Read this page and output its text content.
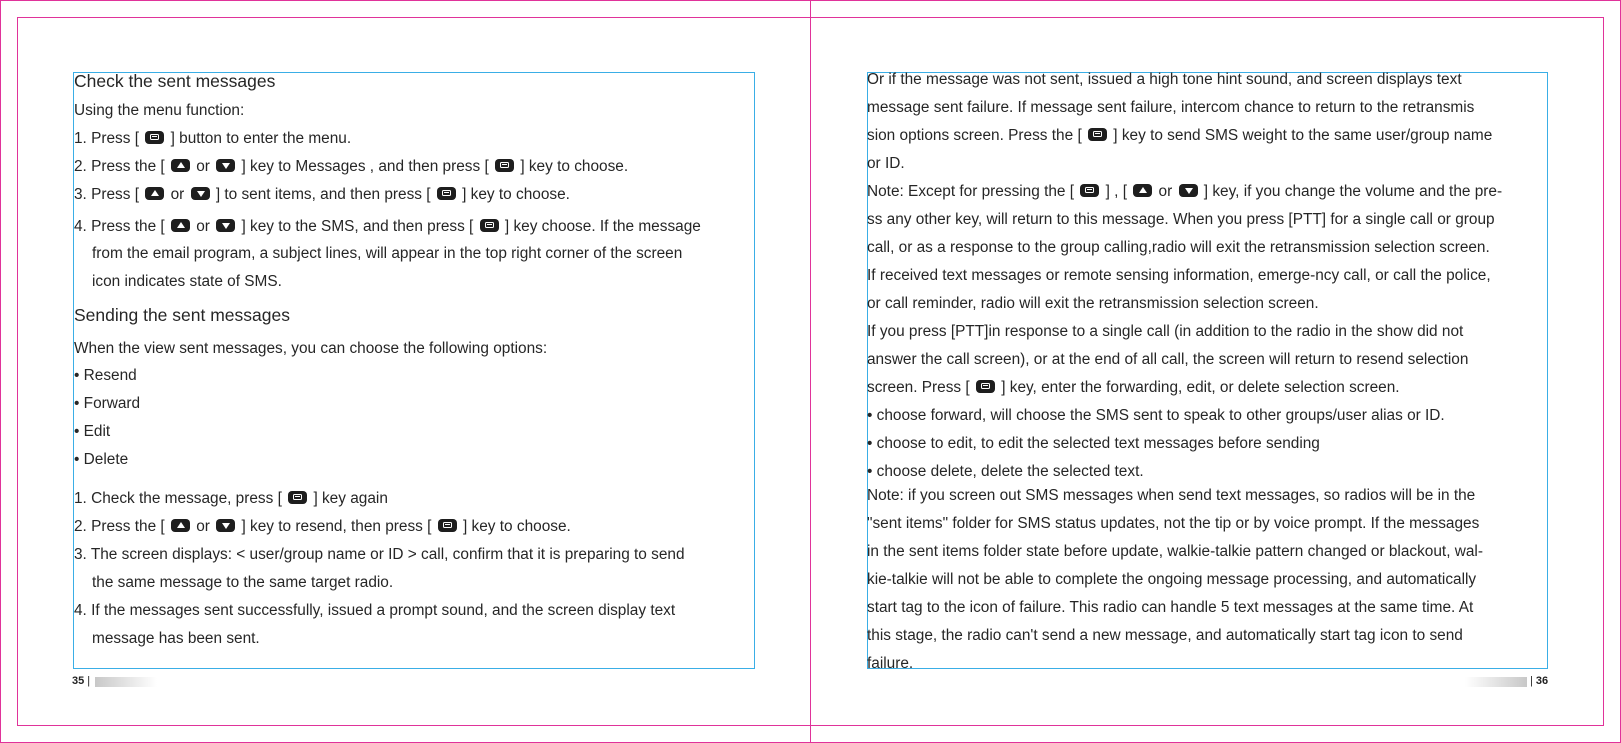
Check the sent messages
Using the menu function:
1. Press [ ] button to enter the menu.
2. Press the [ or ] key to Messages , and then press [ ] key to choose.
3. Press [ or ] to sent items, and then press [ ] key to choose.
4. Press the [ or ] key to the SMS, and then press [ ] key choose. If the message
from the email program, a subject lines, will appear in the top right corner of the screen
icon indicates state of SMS.
Sending the sent messages
When the view sent messages, you can choose the following options:
• Resend
• Forward
• Edit
• Delete
1. Check the message, press [ ] key again
2. Press the [ or ] key to resend, then press [ ] key to choose.
3. The screen displays: < user/group name or ID > call, confirm that it is preparing to send
the same message to the same target radio.
4. If the messages sent successfully, issued a prompt sound, and the screen display text
message has been sent.
35 |
Or if the message was not sent, issued a high tone hint sound, and screen displays text
message sent failure. If message sent failure, intercom chance to return to the retransmis
sion options screen. Press the [ ] key to send SMS weight to the same user/group name
or ID.
Note: Except for pressing the [ ] , [ or ] key, if you change the volume and the pre-
ss any other key, will return to this message. When you press [PTT] for a single call or group
call, or as a response to the group calling,radio will exit the retransmission selection screen.
If received text messages or remote sensing information, emerge-ncy call, or call the police,
or call reminder, radio will exit the retransmission selection screen.
If you press [PTT]in response to a single call (in addition to the radio in the show did not
answer the call screen), or at the end of all call, the screen will return to resend selection
screen. Press [ ] key, enter the forwarding, edit, or delete selection screen.
• choose forward, will choose the SMS sent to speak to other groups/user alias or ID.
• choose to edit, to edit the selected text messages before sending
• choose delete, delete the selected text.
Note: if you screen out SMS messages when send text messages, so radios will be in the
"sent items" folder for SMS status updates, not the tip or by voice prompt. If the messages
in the sent items folder state before update, walkie-talkie pattern changed or blackout, wal-
kie-talkie will not be able to complete the ongoing message processing, and automatically
start tag to the icon of failure. This radio can handle 5 text messages at the same time. At
this stage, the radio can't send a new message, and automatically start tag icon to send
failure.
| 36
